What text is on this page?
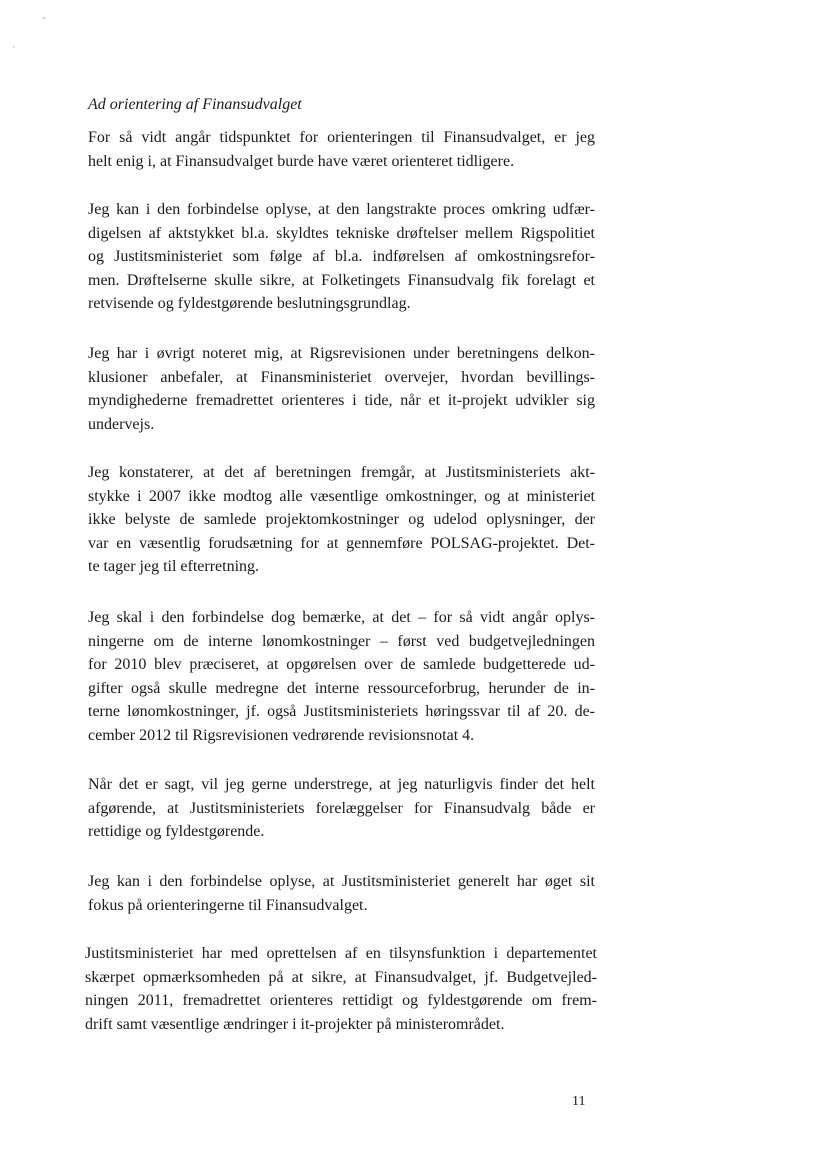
Ad orientering af Finansudvalget
For så vidt angår tidspunktet for orienteringen til Finansudvalget, er jeg
helt enig i, at Finansudvalget burde have været orienteret tidligere.
Jeg kan i den forbindelse oplyse, at den langstrakte proces omkring udfær-
digelsen af aktstykket bl.a. skyldtes tekniske drøftelser mellem Rigspolitiet
og Justitsministeriet som følge af bl.a. indførelsen af omkostningsrefor-
men. Drøftelserne skulle sikre, at Folketingets Finansudvalg fik forelagt et
retvisende og fyldestgørende beslutningsgrundlag.
Jeg har i øvrigt noteret mig, at Rigsrevisionen under beretningens delkon-
klusioner anbefaler, at Finansministeriet overvejer, hvordan bevillings-
myndighederne fremadrettet orienteres i tide, når et it-projekt udvikler sig
undervejs.
Jeg konstaterer, at det af beretningen fremgår, at Justitsministeriets akt-
stykke i 2007 ikke modtog alle væsentlige omkostninger, og at ministeriet
ikke belyste de samlede projektomkostninger og udelod oplysninger, der
var en væsentlig forudsætning for at gennemføre POLSAG-projektet. Det-
te tager jeg til efterretning.
Jeg skal i den forbindelse dog bemærke, at det – for så vidt angår oplys-
ningerne om de interne lønomkostninger – først ved budgetvejledningen
for 2010 blev præciseret, at opgørelsen over de samlede budgetterede ud-
gifter også skulle medregne det interne ressourceforbrug, herunder de in-
terne lønomkostninger, jf. også Justitsministeriets høringssvar til af 20. de-
cember 2012 til Rigsrevisionen vedrørende revisionsnotat 4.
Når det er sagt, vil jeg gerne understrege, at jeg naturligvis finder det helt
afgørende, at Justitsministeriets forelæggelser for Finansudvalg både er
rettidige og fyldestgørende.
Jeg kan i den forbindelse oplyse, at Justitsministeriet generelt har øget sit
fokus på orienteringerne til Finansudvalget.
Justitsministeriet har med oprettelsen af en tilsynsfunktion i departementet
skærpet opmærksomheden på at sikre, at Finansudvalget, jf. Budgetvejled-
ningen 2011, fremadrettet orienteres rettidigt og fyldestgørende om frem-
drift samt væsentlige ændringer i it-projekter på ministerområdet.
11
